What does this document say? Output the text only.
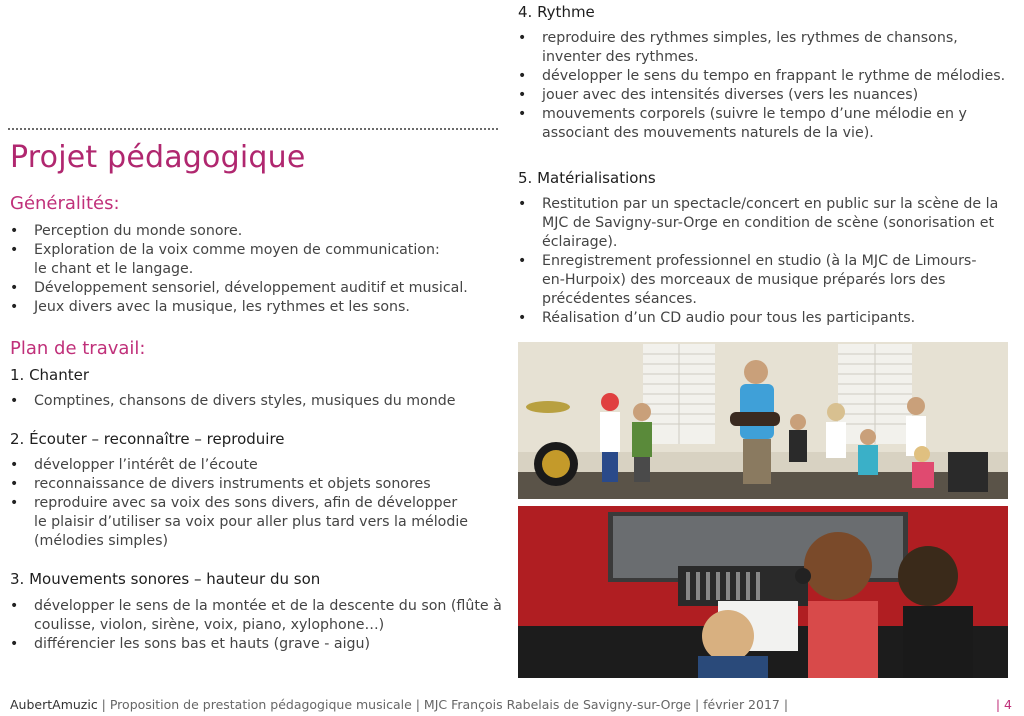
Projet pédagogique
Généralités:
• Perception du monde sonore.
• Exploration de la voix comme moyen de communication:
le chant et le langage.
• Développement sensoriel, développement auditif et musical.
• Jeux divers avec la musique, les rythmes et les sons.
Plan de travail:
1. Chanter
• Comptines, chansons de divers styles, musiques du monde
2. Écouter – reconnaître – reproduire
• développer l’intérêt de l’écoute
• reconnaissance de divers instruments et objets sonores
• reproduire avec sa voix des sons divers, afin de développer
le plaisir d’utiliser sa voix pour aller plus tard vers la mélodie
(mélodies simples)
3. Mouvements sonores – hauteur du son
• développer le sens de la montée et de la descente du son (flûte à
coulisse, violon, sirène, voix, piano, xylophone…)
• différencier les sons bas et hauts (grave - aigu)
4. Rythme
• reproduire des rythmes simples, les rythmes de chansons,
inventer des rythmes.
• développer le sens du tempo en frappant le rythme de mélodies.
• jouer avec des intensités diverses (vers les nuances)
• mouvements corporels (suivre le tempo d’une mélodie en y
associant des mouvements naturels de la vie).
5. Matérialisations
• Restitution par un spectacle/concert en public sur la scène de la
MJC de Savigny-sur-Orge en condition de scène (sonorisation et
éclairage).
• Enregistrement professionnel en studio (à la MJC de Limours-
en-Hurpoix) des morceaux de musique préparés lors des
précédentes séances.
• Réalisation d’un CD audio pour tous les participants.
AubertAmuzic | Proposition de prestation pédagogique musicale | MJC François Rabelais de Savigny-sur-Orge | février 2017 |	| 4
